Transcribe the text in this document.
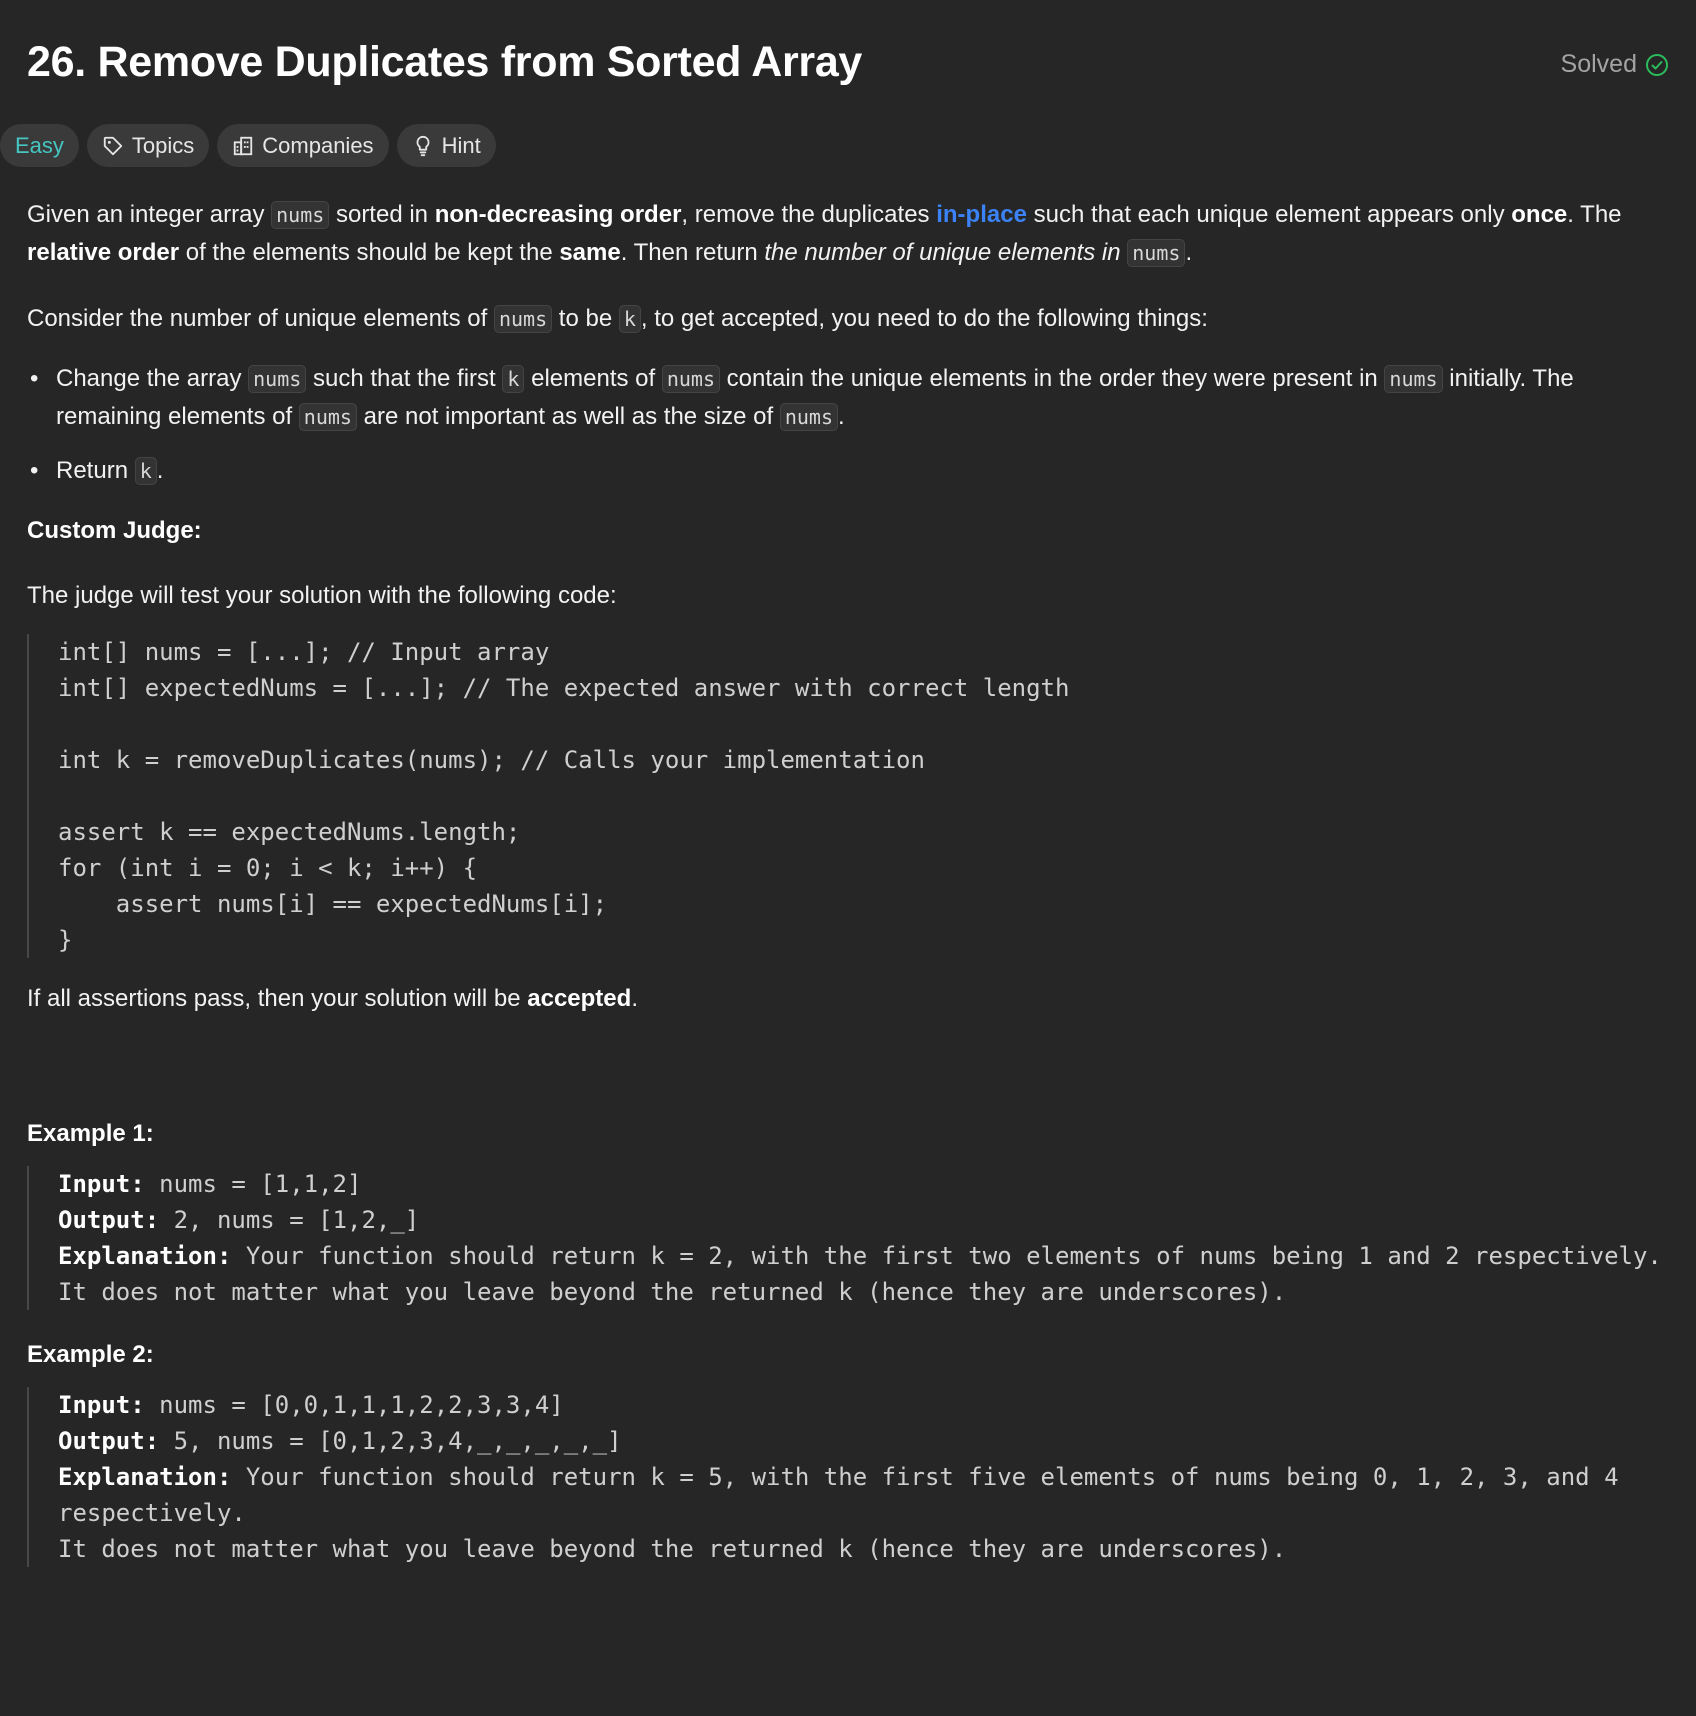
26. Remove Duplicates from Sorted Array	Solved
Easy	Topics	Companies	Hint

Given an integer array nums sorted in non-decreasing order, remove the duplicates in-place such that each unique element appears only once. The relative order of the elements should be kept the same. Then return the number of unique elements in nums .

Consider the number of unique elements of nums to be k , to get accepted, you need to do the following things:

• Change the array nums such that the first k elements of nums contain the unique elements in the order they were present in nums initially. The remaining elements of nums are not important as well as the size of nums .
• Return k .

Custom Judge:

The judge will test your solution with the following code:

int[] nums = [...]; // Input array
int[] expectedNums = [...]; // The expected answer with correct length

int k = removeDuplicates(nums); // Calls your implementation

assert k == expectedNums.length;
for (int i = 0; i < k; i++) {
assert nums[i] == expectedNums[i];
}

If all assertions pass, then your solution will be accepted.

Example 1:

Input: nums = [1,1,2]
Output: 2, nums = [1,2,_]
Explanation: Your function should return k = 2, with the first two elements of nums being 1 and 2 respectively.
It does not matter what you leave beyond the returned k (hence they are underscores).

Example 2:

Input: nums = [0,0,1,1,1,2,2,3,3,4]
Output: 5, nums = [0,1,2,3,4,_,_,_,_,_]
Explanation: Your function should return k = 5, with the first five elements of nums being 0, 1, 2, 3, and 4 respectively.
It does not matter what you leave beyond the returned k (hence they are underscores).
